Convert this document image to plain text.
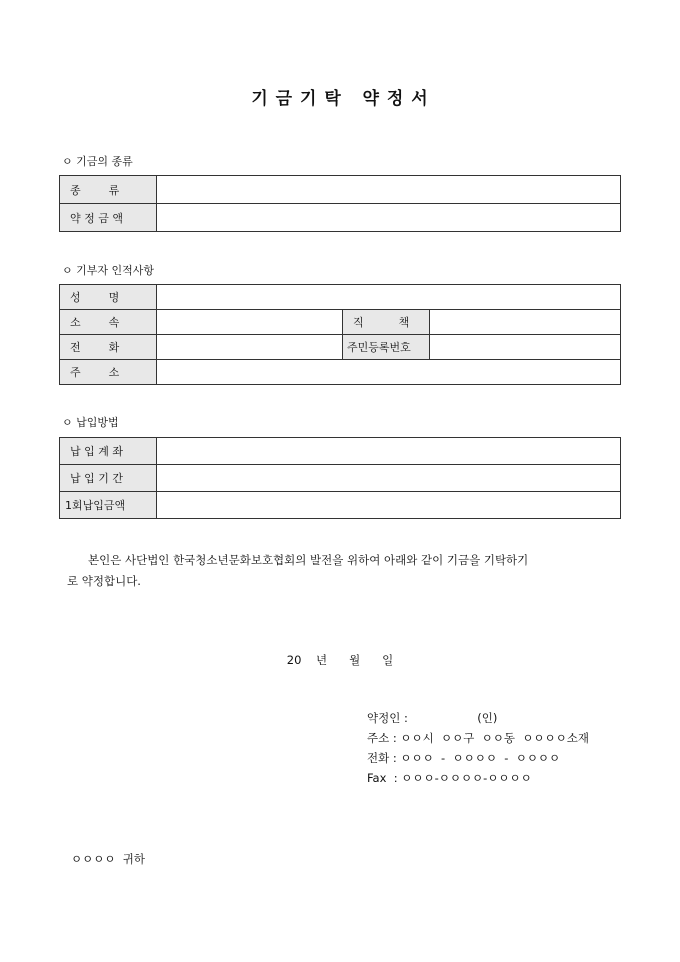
기 금 기 탁   약 정 서
ㅇ 기금의 종류
종        류	
약 정 금 액	
ㅇ 기부자 인적사항
성        명			
소        속		직          책	
전        화		주민등록번호	
주        소			
ㅇ 납입방법
납 입 계 좌	
납 입 기 간	
1회납입금액	
본인은 사단법인 한국청소년문화보호협회의 발전을 위하여 아래와 같이 기금을 기탁하기
로 약정합니다.
20    년      월      일
약정인 :                   (인)
주소 : ㅇㅇ시  ㅇㅇ구  ㅇㅇ동  ㅇㅇㅇㅇ소재
전화 : ㅇㅇㅇ  -  ㅇㅇㅇㅇ  -  ㅇㅇㅇㅇ
Fax  : ㅇㅇㅇ-ㅇㅇㅇㅇ-ㅇㅇㅇㅇ
ㅇㅇㅇㅇ  귀하
